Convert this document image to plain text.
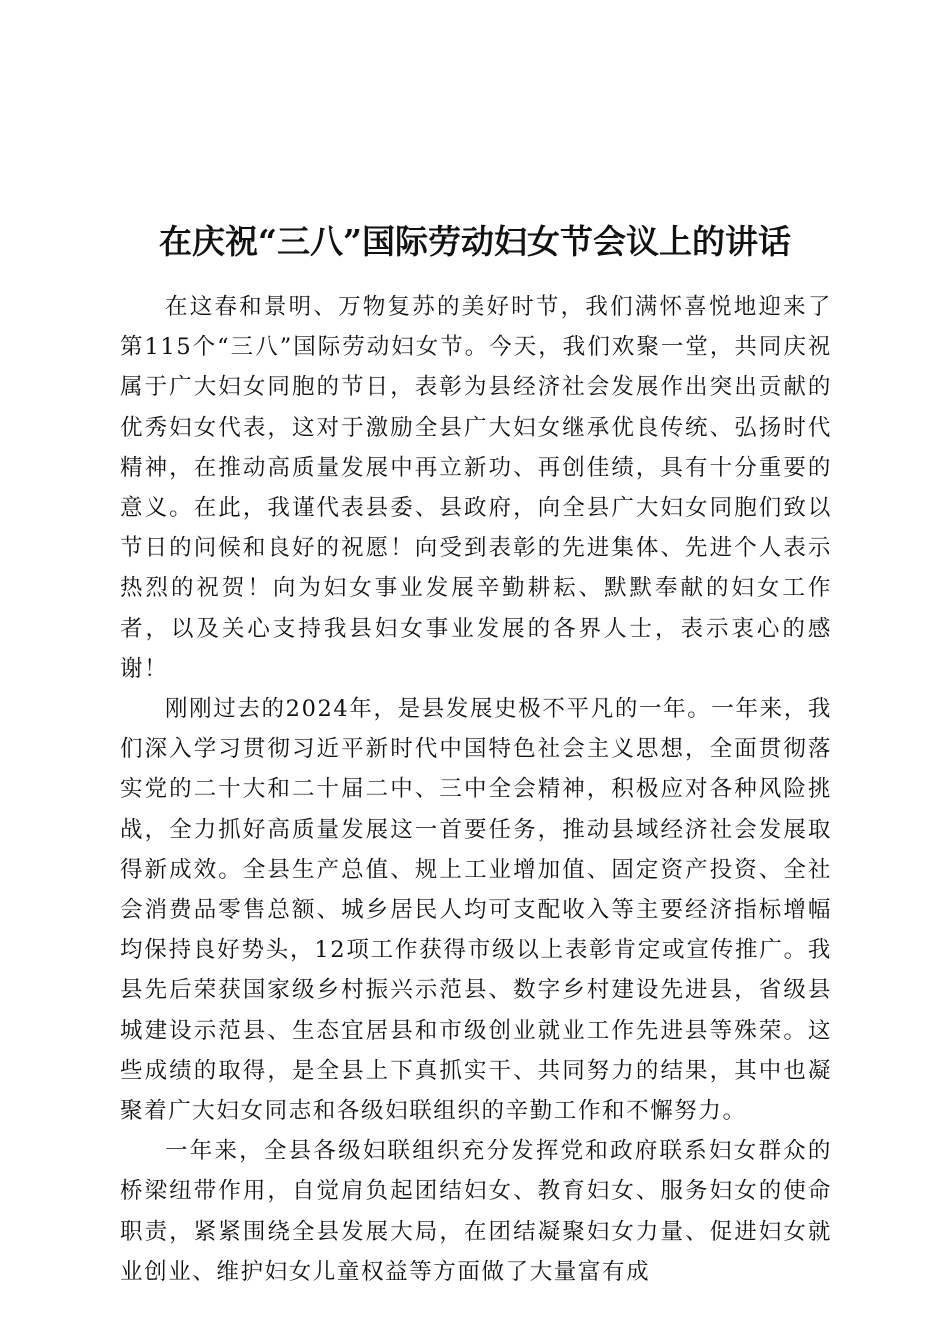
在庆祝“三八”国际劳动妇女节会议上的讲话

在这春和景明、万物复苏的美好时节，我们满怀喜悦地迎来了第115个“三八”国际劳动妇女节。今天，我们欢聚一堂，共同庆祝属于广大妇女同胞的节日，表彰为县经济社会发展作出突出贡献的优秀妇女代表，这对于激励全县广大妇女继承优良传统、弘扬时代精神，在推动高质量发展中再立新功、再创佳绩，具有十分重要的意义。在此，我谨代表县委、县政府，向全县广大妇女同胞们致以节日的问候和良好的祝愿！向受到表彰的先进集体、先进个人表示热烈的祝贺！向为妇女事业发展辛勤耕耘、默默奉献的妇女工作者，以及关心支持我县妇女事业发展的各界人士，表示衷心的感谢！

刚刚过去的2024年，是县发展史极不平凡的一年。一年来，我们深入学习贯彻习近平新时代中国特色社会主义思想，全面贯彻落实党的二十大和二十届二中、三中全会精神，积极应对各种风险挑战，全力抓好高质量发展这一首要任务，推动县域经济社会发展取得新成效。全县生产总值、规上工业增加值、固定资产投资、全社会消费品零售总额、城乡居民人均可支配收入等主要经济指标增幅均保持良好势头，12项工作获得市级以上表彰肯定或宣传推广。我县先后荣获国家级乡村振兴示范县、数字乡村建设先进县，省级县城建设示范县、生态宜居县和市级创业就业工作先进县等殊荣。这些成绩的取得，是全县上下真抓实干、共同努力的结果，其中也凝聚着广大妇女同志和各级妇联组织的辛勤工作和不懈努力。

一年来，全县各级妇联组织充分发挥党和政府联系妇女群众的桥梁纽带作用，自觉肩负起团结妇女、教育妇女、服务妇女的使命职责，紧紧围绕全县发展大局，在团结凝聚妇女力量、促进妇女就业创业、维护妇女儿童权益等方面做了大量富有成
